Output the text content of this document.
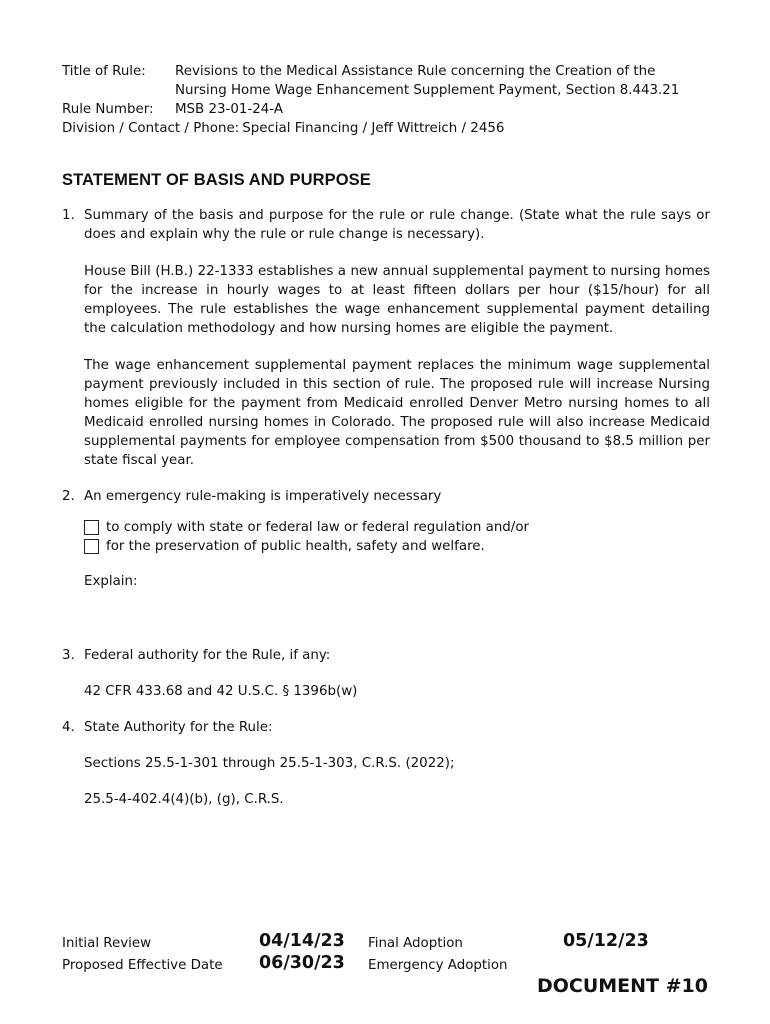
Title of Rule:	Revisions to the Medical Assistance Rule concerning the Creation of the Nursing Home Wage Enhancement Supplement Payment, Section 8.443.21
Rule Number:	MSB 23-01-24-A
Division / Contact / Phone: Special Financing / Jeff Wittreich / 2456
STATEMENT OF BASIS AND PURPOSE
1. Summary of the basis and purpose for the rule or rule change. (State what the rule says or does and explain why the rule or rule change is necessary).
House Bill (H.B.) 22-1333 establishes a new annual supplemental payment to nursing homes for the increase in hourly wages to at least fifteen dollars per hour ($15/hour) for all employees. The rule establishes the wage enhancement supplemental payment detailing the calculation methodology and how nursing homes are eligible the payment.
The wage enhancement supplemental payment replaces the minimum wage supplemental payment previously included in this section of rule. The proposed rule will increase Nursing homes eligible for the payment from Medicaid enrolled Denver Metro nursing homes to all Medicaid enrolled nursing homes in Colorado. The proposed rule will also increase Medicaid supplemental payments for employee compensation from $500 thousand to $8.5 million per state fiscal year.
2. An emergency rule-making is imperatively necessary
to comply with state or federal law or federal regulation and/or
for the preservation of public health, safety and welfare.
Explain:
3. Federal authority for the Rule, if any:
42 CFR 433.68 and 42 U.S.C. § 1396b(w)
4. State Authority for the Rule:
Sections 25.5-1-301 through 25.5-1-303, C.R.S. (2022);
25.5-4-402.4(4)(b), (g), C.R.S.
Initial Review	04/14/23 Final Adoption	05/12/23
Proposed Effective Date 06/30/23 Emergency Adoption
DOCUMENT #10
